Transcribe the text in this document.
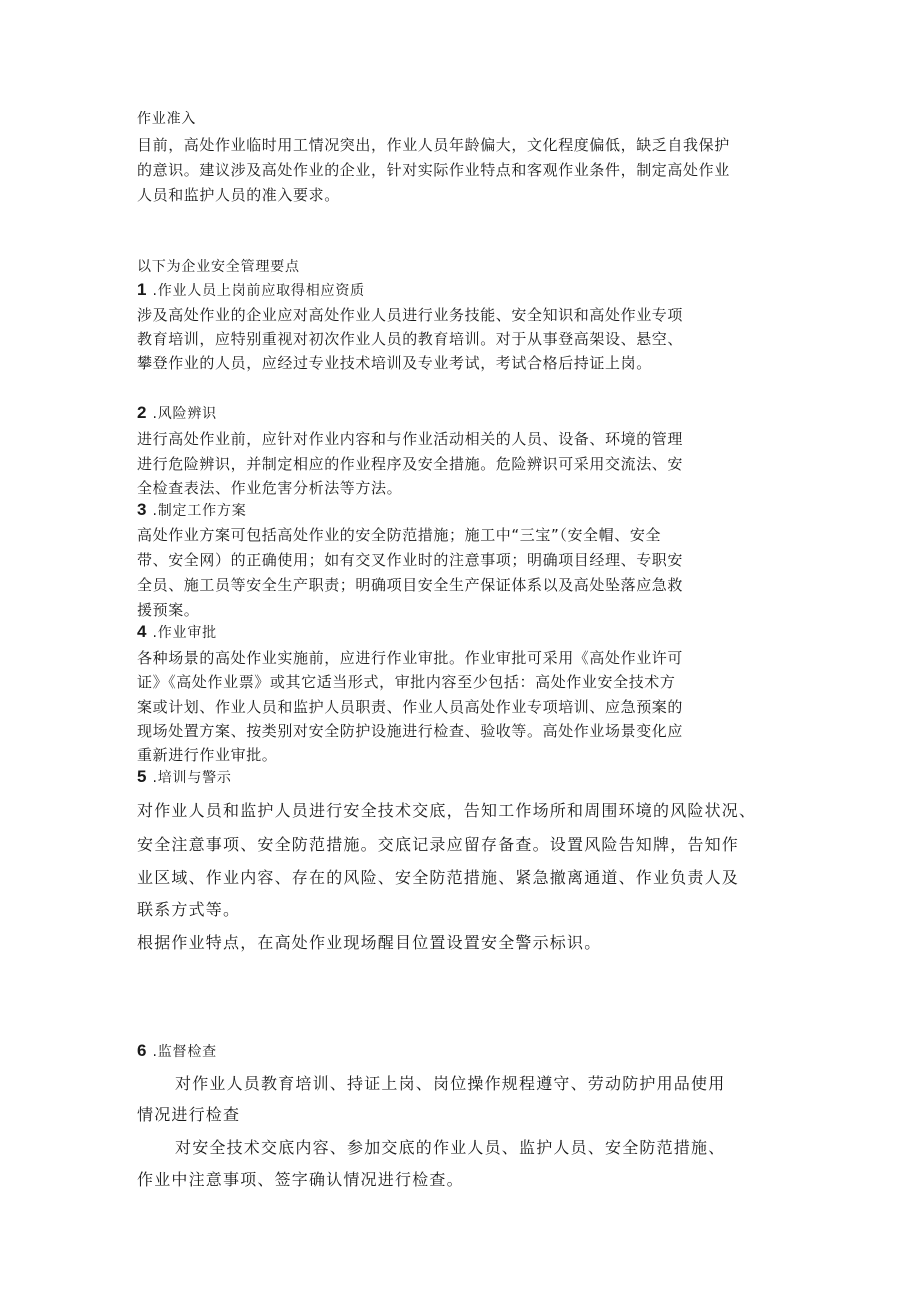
作业准入
目前，高处作业临时用工情况突出，作业人员年龄偏大，文化程度偏低，缺乏自我保护
的意识。建议涉及高处作业的企业，针对实际作业特点和客观作业条件，制定高处作业
人员和监护人员的准入要求。
以下为企业安全管理要点
1 .作业人员上岗前应取得相应资质
涉及高处作业的企业应对高处作业人员进行业务技能、安全知识和高处作业专项
教育培训，应特别重视对初次作业人员的教育培训。对于从事登高架设、悬空、
攀登作业的人员，应经过专业技术培训及专业考试，考试合格后持证上岗。
2 .风险辨识
进行高处作业前，应针对作业内容和与作业活动相关的人员、设备、环境的管理
进行危险辨识，并制定相应的作业程序及安全措施。危险辨识可采用交流法、安
全检查表法、作业危害分析法等方法。
3 .制定工作方案
高处作业方案可包括高处作业的安全防范措施；施工中“三宝”（安全帽、安全
带、安全网）的正确使用；如有交叉作业时的注意事项；明确项目经理、专职安
全员、施工员等安全生产职责；明确项目安全生产保证体系以及高处坠落应急救
援预案。
4 .作业审批
各种场景的高处作业实施前，应进行作业审批。作业审批可采用《高处作业许可
证》《高处作业票》或其它适当形式，审批内容至少包括：高处作业安全技术方
案或计划、作业人员和监护人员职责、作业人员高处作业专项培训、应急预案的
现场处置方案、按类别对安全防护设施进行检查、验收等。高处作业场景变化应
重新进行作业审批。
5 .培训与警示
对作业人员和监护人员进行安全技术交底，告知工作场所和周围环境的风险状况、
安全注意事项、安全防范措施。交底记录应留存备查。设置风险告知牌，告知作
业区域、作业内容、存在的风险、安全防范措施、紧急撤离通道、作业负责人及
联系方式等。
根据作业特点，在高处作业现场醒目位置设置安全警示标识。
6 .监督检查
对作业人员教育培训、持证上岗、岗位操作规程遵守、劳动防护用品使用
情况进行检查
对安全技术交底内容、参加交底的作业人员、监护人员、安全防范措施、
作业中注意事项、签字确认情况进行检查。
